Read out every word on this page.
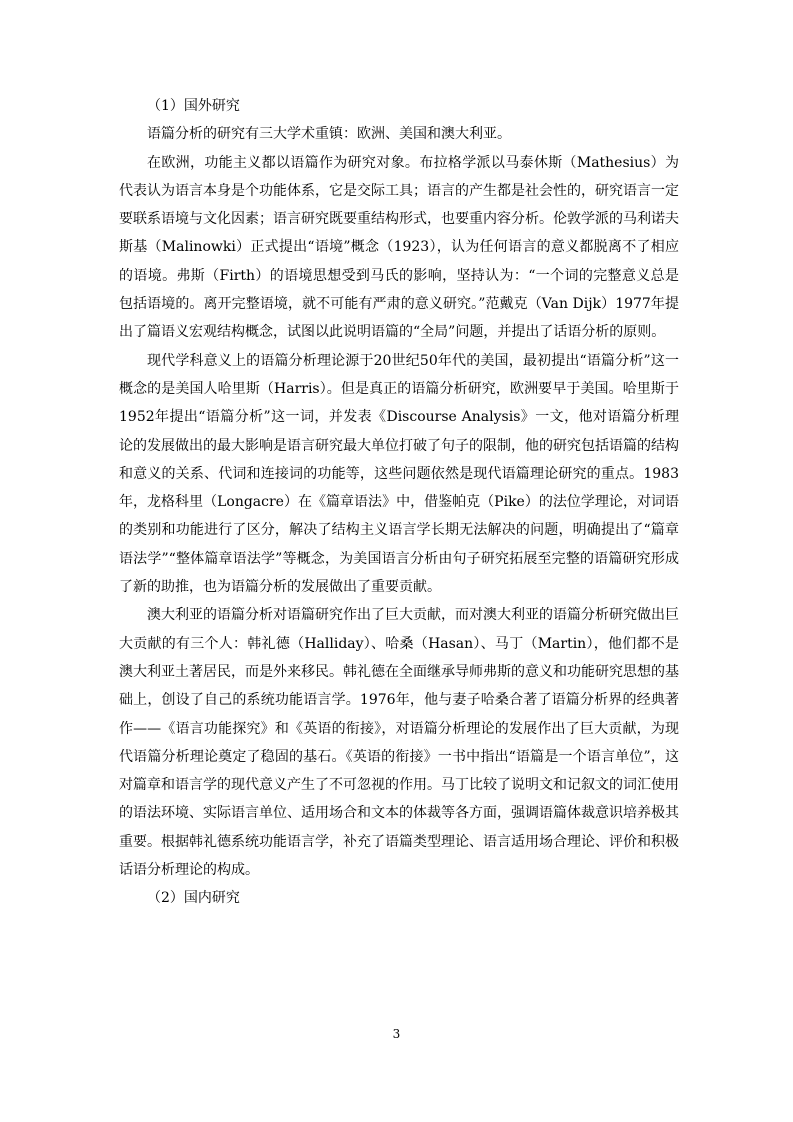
（1）国外研究

语篇分析的研究有三大学术重镇：欧洲、美国和澳大利亚。

在欧洲，功能主义都以语篇作为研究对象。布拉格学派以马泰休斯（Mathesius）为代表认为语言本身是个功能体系，它是交际工具；语言的产生都是社会性的，研究语言一定要联系语境与文化因素；语言研究既要重结构形式，也要重内容分析。伦敦学派的马利诺夫斯基（Malinowki）正式提出“语境”概念（1923），认为任何语言的意义都脱离不了相应的语境。弗斯（Firth）的语境思想受到马氏的影响，坚持认为：“一个词的完整意义总是包括语境的。离开完整语境，就不可能有严肃的意义研究。”范戴克（Van Dijk）1977年提出了篇语义宏观结构概念，试图以此说明语篇的“全局”问题，并提出了话语分析的原则。

现代学科意义上的语篇分析理论源于20世纪50年代的美国，最初提出“语篇分析”这一概念的是美国人哈里斯（Harris）。但是真正的语篇分析研究，欧洲要早于美国。哈里斯于1952年提出“语篇分析”这一词，并发表《Discourse Analysis》一文，他对语篇分析理论的发展做出的最大影响是语言研究最大单位打破了句子的限制，他的研究包括语篇的结构和意义的关系、代词和连接词的功能等，这些问题依然是现代语篇理论研究的重点。1983年，龙格科里（Longacre）在《篇章语法》中，借鉴帕克（Pike）的法位学理论，对词语的类别和功能进行了区分，解决了结构主义语言学长期无法解决的问题，明确提出了“篇章语法学”“整体篇章语法学”等概念，为美国语言分析由句子研究拓展至完整的语篇研究形成了新的助推，也为语篇分析的发展做出了重要贡献。

澳大利亚的语篇分析对语篇研究作出了巨大贡献，而对澳大利亚的语篇分析研究做出巨大贡献的有三个人：韩礼德（Halliday）、哈桑（Hasan）、马丁（Martin），他们都不是澳大利亚土著居民，而是外来移民。韩礼德在全面继承导师弗斯的意义和功能研究思想的基础上，创设了自己的系统功能语言学。1976年，他与妻子哈桑合著了语篇分析界的经典著作——《语言功能探究》和《英语的衔接》，对语篇分析理论的发展作出了巨大贡献，为现代语篇分析理论奠定了稳固的基石。《英语的衔接》一书中指出“语篇是一个语言单位”，这对篇章和语言学的现代意义产生了不可忽视的作用。马丁比较了说明文和记叙文的词汇使用的语法环境、实际语言单位、适用场合和文本的体裁等各方面，强调语篇体裁意识培养极其重要。根据韩礼德系统功能语言学，补充了语篇类型理论、语言适用场合理论、评价和积极话语分析理论的构成。

（2）国内研究

3
